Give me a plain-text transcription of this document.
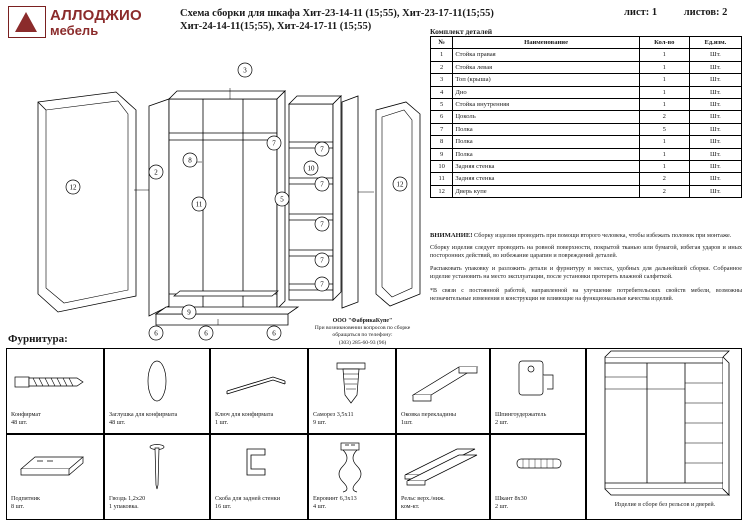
АЛЛОДЖИО
мебель
Схема сборки для шкафа Хит-23-14-11 (15;55), Хит-23-17-11(15;55)
Хит-24-14-11(15;55), Хит-24-17-11 (15;55)
лист: 1	листов: 2
Комплект деталей
№	Наименование	Кол-во	Ед.изм.
1	Стойка правая	1	Шт.
2	Стойка левая	1	Шт.
3	Топ (крыша)	1	Шт.
4	Дно	1	Шт.
5	Стойка внутренняя	1	Шт.
6	Цоколь	2	Шт.
7	Полка	5	Шт.
8	Полка	1	Шт.
9	Полка	1	Шт.
10	Задняя стенка	1	Шт.
11	Задняя стенка	2	Шт.
12	Дверь купе	2	Шт.

ВНИМАНИЕ! Сборку изделия проводить при помощи второго человека, чтобы избежать поломок при монтаже.

Сборку изделия следует проводить на ровной поверхности, покрытой тканью или бумагой, избегая ударов и иных посторонних действий, во избежание царапин и повреждений деталей.

Распаковать упаковку и разложить детали и фурнитуру в местах, удобных для дальнейшей сборки. Собранное изделие установить на место эксплуатации, после установки протереть влажной салфеткой.

*В связи с постоянной работой, направленной на улучшение потребительских свойств мебели, возможны незначительные изменения в конструкции не влияющие на функциональные качества изделий.
3
2
8
12
11
5
10
7
7
7
7
7
12
9
6	6	6
7
ООО "ФабрикаКупе"
При возникновении вопросов по сборке
обращаться по телефону:
(303) 285-60-93 (96)
Фурнитура:
Конфирмат
48 шт.
Заглушка для конфирмата
48 шт.
Ключ для конфирмата
1 шт.
Саморез 3,5х11
9 шт.
Оковка перекладины
1шт.
Шпингоудержатель
2 шт.
Подпятник
8 шт.
Гвоздь 1,2х20
1 упаковка.
Скоба для задней стенки
16 шт.
Евровинт 6,3х13
4 шт.
Рельс верх./ниж.
ком-кт.
Шкант 8х30
2 шт.	Изделие в сборе без рельсов и дверей.
